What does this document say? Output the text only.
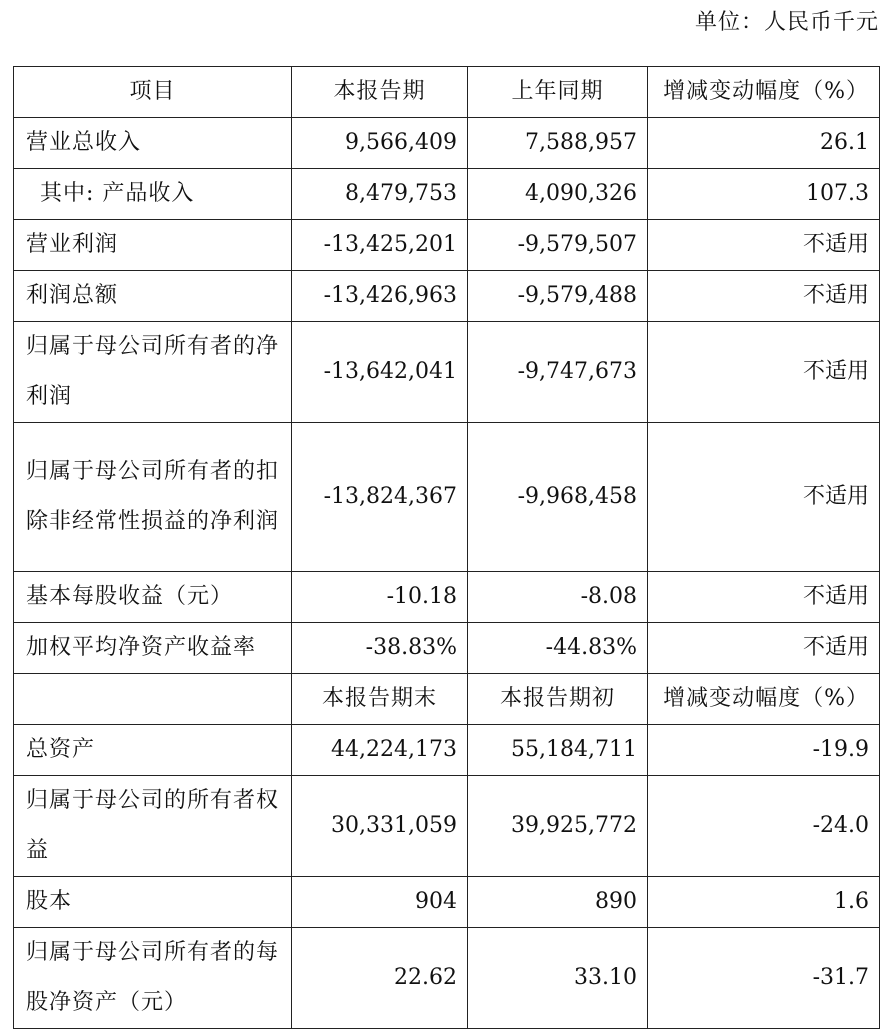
单位：人民币千元
项目	本报告期	上年同期	增减变动幅度（%）
营业总收入	9,566,409	7,588,957	26.1
其中: 产品收入	8,479,753	4,090,326	107.3
营业利润	-13,425,201	-9,579,507	不适用
利润总额	-13,426,963	-9,579,488	不适用
归属于母公司所有者的净利润	-13,642,041	-9,747,673	不适用
归属于母公司所有者的扣除非经常性损益的净利润	-13,824,367	-9,968,458	不适用
基本每股收益（元）	-10.18	-8.08	不适用
加权平均净资产收益率	-38.83%	-44.83%	不适用
	本报告期末	本报告期初	增减变动幅度（%）
总资产	44,224,173	55,184,711	-19.9
归属于母公司的所有者权益	30,331,059	39,925,772	-24.0
股本	904	890	1.6
归属于母公司所有者的每股净资产（元）	22.62	33.10	-31.7
